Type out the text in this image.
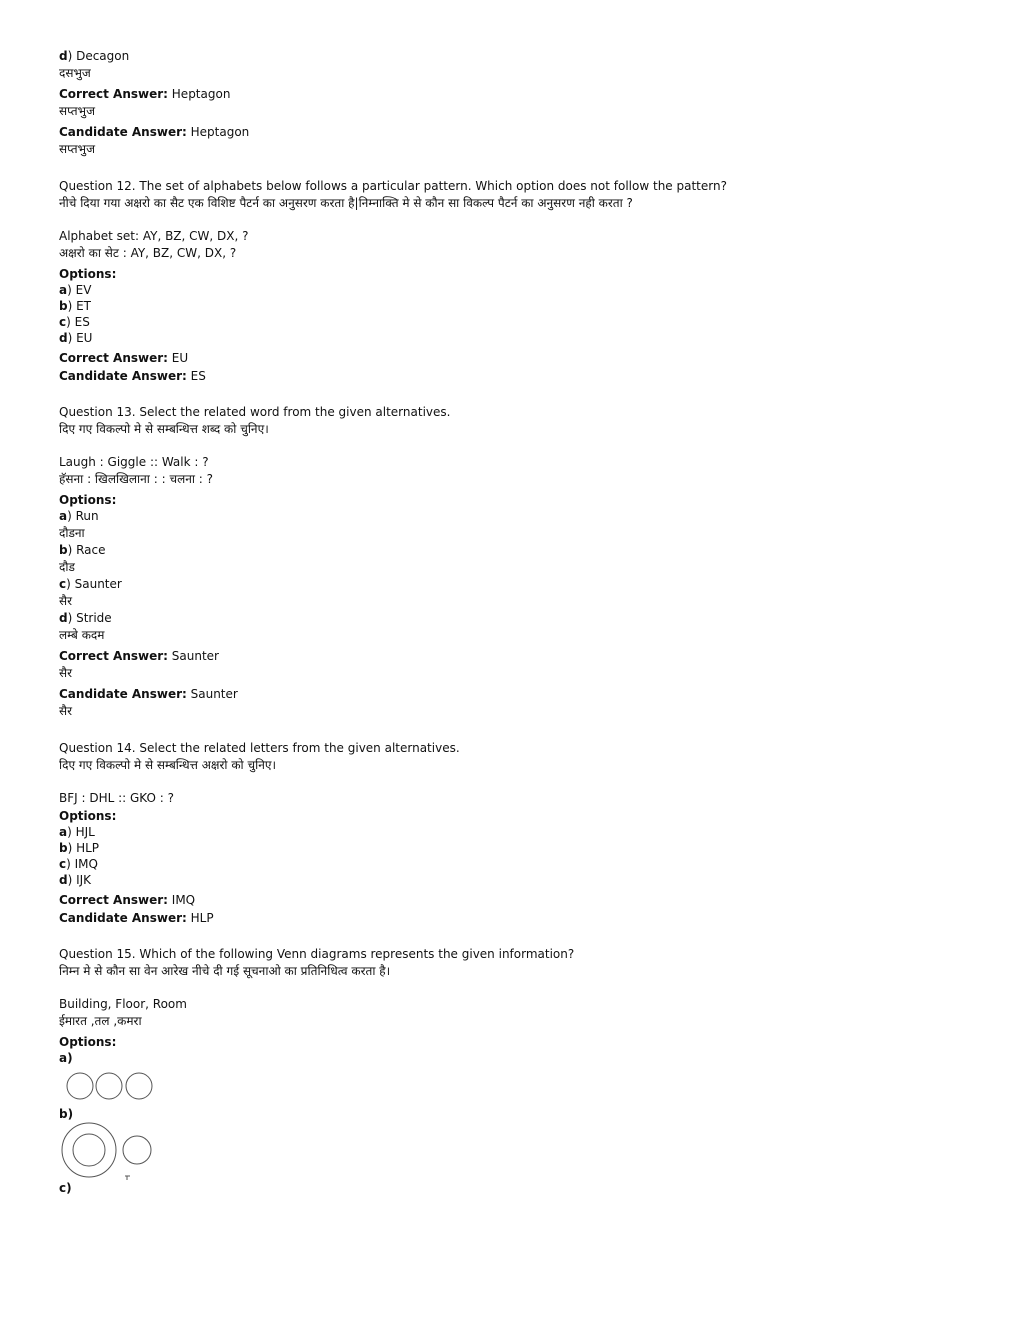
d) Decagon
दसभुज
Correct Answer: Heptagon
सप्तभुज
Candidate Answer: Heptagon
सप्तभुज
Question 12. The set of alphabets below follows a particular pattern. Which option does not follow the pattern?
नीचे दिया गया अक्षरो का सैट एक विशिष्ट पैटर्न का अनुसरण करता है|निम्नाक्ति मे से कौन सा विकल्प पैटर्न का अनुसरण नही करता ?
Alphabet set: AY, BZ, CW, DX, ?
अक्षरो का सेट : AY, BZ, CW, DX, ?
Options:
a) EV
b) ET
c) ES
d) EU
Correct Answer: EU
Candidate Answer: ES
Question 13. Select the related word from the given alternatives.
दिए गए विकल्पो मे से सम्बन्धित्त शब्द को चुनिए।
Laugh : Giggle :: Walk : ?
हॅसना : खिलखिलाना : : चलना : ?
Options:
a) Run
दौडना
b) Race
दौड
c) Saunter
सैर
d) Stride
लम्बे कदम
Correct Answer: Saunter
सैर
Candidate Answer: Saunter
सैर
Question 14. Select the related letters from the given alternatives.
दिए गए विकल्पो मे से सम्बन्धित्त अक्षरो को चुनिए।
BFJ : DHL :: GKO : ?
Options:
a) HJL
b) HLP
c) IMQ
d) IJK
Correct Answer: IMQ
Candidate Answer: HLP
Question 15. Which of the following Venn diagrams represents the given information?
निम्न मे से कौन सा वेन आरेख नीचे दी गई सूचनाओ का प्रतिनिधित्व करता है।
Building, Floor, Room
ईमारत ,तल ,कमरा
Options:
a)
b)
c)
